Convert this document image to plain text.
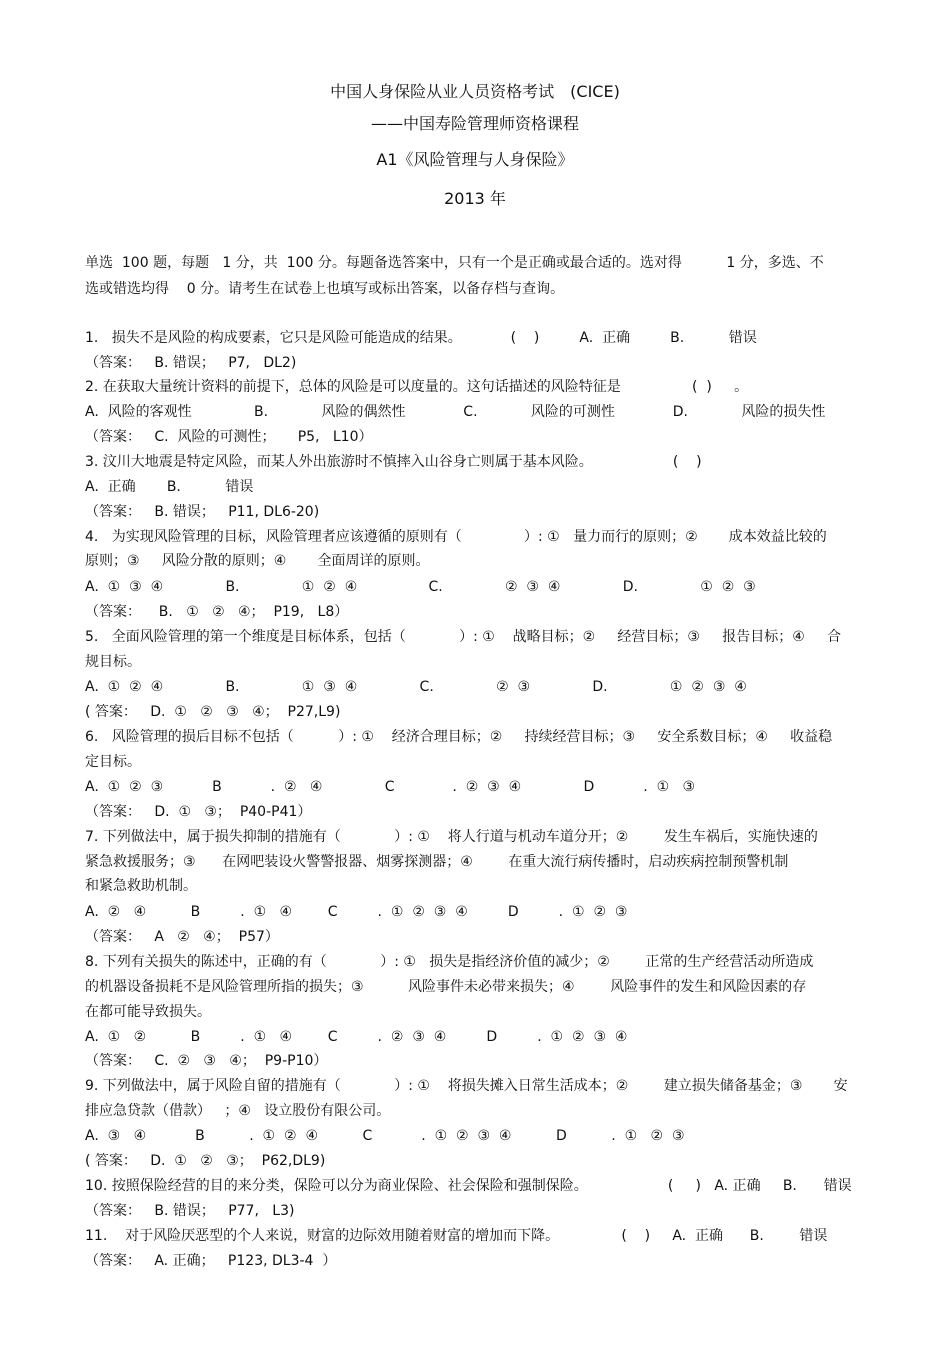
中国人身保险从业人员资格考试　(CICE)
——中国寿险管理师资格课程
A1《风险管理与人身保险》
2013 年
单选  100 题，每题   1 分，共  100 分。每题备选答案中，只有一个是正确或最合适的。选对得          1 分，多选、不
选或错选均得    0 分。请考生在试卷上也填写或标出答案，以备存档与查询。
1.   损失不是风险的构成要素，它只是风险可能造成的结果。           (    )         A.  正确         B.          错误
（答案：   B. 错误；   P7,   DL2)
2. 在获取大量统计资料的前提下，总体的风险是可以度量的。这句话描述的风险特征是                (  )     。
A.  风险的客观性              B.            风险的偶然性             C.            风险的可测性             D.            风险的损失性
（答案：   C.  风险的可测性；     P5,   L10）
3. 汶川大地震是特定风险，而某人外出旅游时不慎摔入山谷身亡则属于基本风险。                  (    )
A.  正确       B.          错误
（答案：   B. 错误；   P11, DL6-20)
4.   为实现风险管理的目标，风险管理者应该遵循的原则有（              ）: ①   量力而行的原则；②       成本效益比较的
原则；③     风险分散的原则；④       全面周详的原则。
A.  ①  ③  ④              B.              ①  ②  ④                C.              ②  ③  ④              D.              ①  ②  ③
（答案：    B.   ①   ②   ④；  P19,   L8）
5.   全面风险管理的第一个维度是目标体系，包括（            ）: ①    战略目标；②     经营目标；③     报告目标；④     合
规目标。
A.  ①  ②  ④              B.              ①  ③  ④              C.              ②  ③              D.              ①  ②  ③  ④
( 答案：   D.  ①   ②   ③   ④；  P27,L9)
6.   风险管理的损后目标不包括（          ）: ①    经济合理目标；②     持续经营目标；③     安全系数目标；④     收益稳
定目标。
A.  ①  ②  ③           B           .  ②   ④              C             .  ②  ③  ④              D           .  ①   ③
（答案：   D.  ①   ③；  P40-P41）
7. 下列做法中，属于损失抑制的措施有（            ）: ①    将人行道与机动车道分开；②        发生车祸后，实施快速的
紧急救援服务；③      在网吧装设火警警报器、烟雾探测器；④        在重大流行病传播时，启动疾病控制预警机制
和紧急救助机制。
A.  ②   ④          B         .  ①   ④        C         .  ①  ②  ③  ④         D         .  ①  ②  ③
（答案：   A   ②   ④；  P57）
8. 下列有关损失的陈述中，正确的有（            ）: ①   损失是指经济价值的减少；②        正常的生产经营活动所造成
的机器设备损耗不是风险管理所指的损失；③          风险事件未必带来损失；④        风险事件的发生和风险因素的存
在都可能导致损失。
A.  ①   ②          B         .  ①   ④        C         .  ②  ③  ④         D         .  ①  ②  ③  ④
（答案：   C.  ②   ③   ④；  P9-P10）
9. 下列做法中，属于风险自留的措施有（            ）: ①    将损失摊入日常生活成本；②        建立损失储备基金；③       安
排应急贷款（借款）   ；④   设立股份有限公司。
A.  ③   ④           B          .  ①  ②  ④          C           .  ①  ②  ③  ④          D          .  ①   ②  ③
( 答案：   D.  ①   ②   ③；  P62,DL9)
10. 按照保险经营的目的来分类，保险可以分为商业保险、社会保险和强制保险。                  (     )   A. 正确     B.      错误
（答案：   B. 错误；   P77,   L3)
11.    对于风险厌恶型的个人来说，财富的边际效用随着财富的增加而下降。              (    )     A.  正确      B.        错误
（答案：   A. 正确；   P123, DL3-4  ）
